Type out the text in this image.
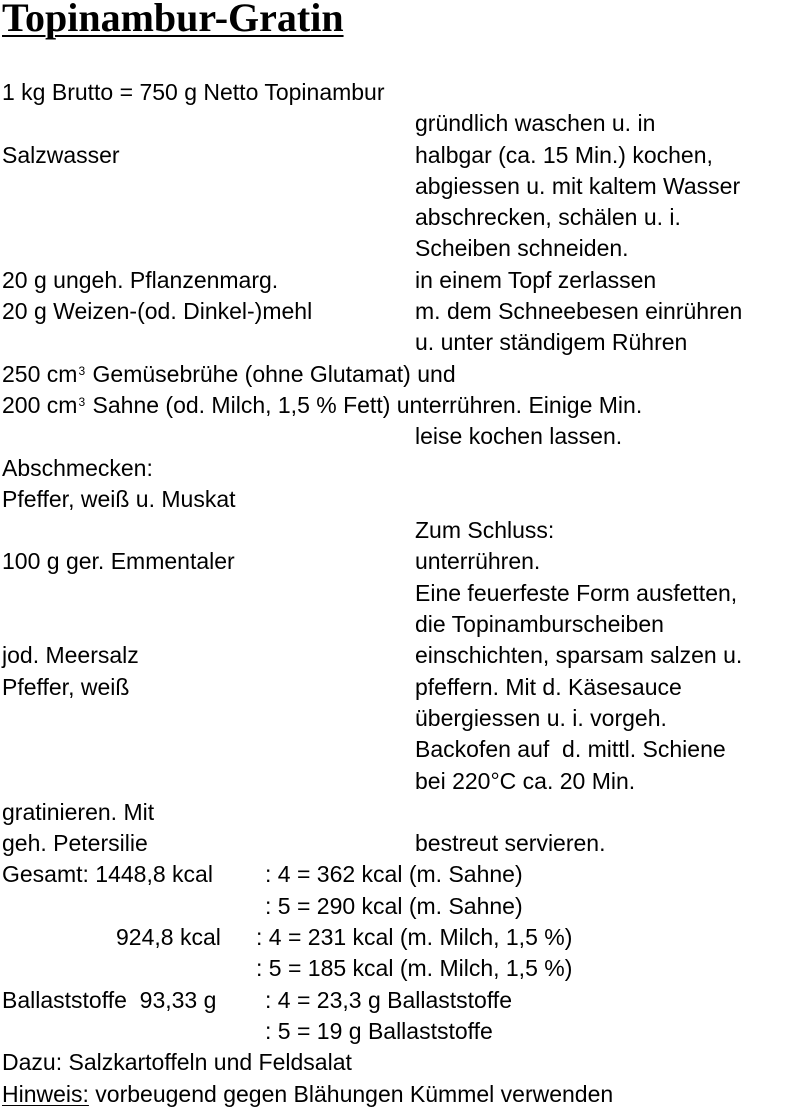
Topinambur-Gratin
1 kg Brutto = 750 g Netto Topinambur
gründlich waschen u. in
Salzwasser	halbgar (ca. 15 Min.) kochen,
abgiessen u. mit kaltem Wasser
abschrecken, schälen u. i.
Scheiben schneiden.
20 g ungeh. Pflanzenmarg.	in einem Topf zerlassen
20 g Weizen-(od. Dinkel-)mehl	m. dem Schneebesen einrühren
u. unter ständigem Rühren
250 $cm^3$ Gemüsebrühe (ohne Glutamat) und
200 $cm^3$ Sahne (od. Milch, 1,5 % Fett) unterrühren. Einige Min.
leise kochen lassen.
Abschmecken:
Pfeffer, weiß u. Muskat
Zum Schluss:
100 g ger. Emmentaler	unterrühren.
Eine feuerfeste Form ausfetten,
die Topinamburscheiben
jod. Meersalz	einschichten, sparsam salzen u.
Pfeffer, weiß	pfeffern. Mit d. Käsesauce
übergiessen u. i. vorgeh.
Backofen auf  d. mittl. Schiene
bei 220°C ca. 20 Min.
gratinieren. Mit
geh. Petersilie	bestreut servieren.
Gesamt: 1448,8 kcal : 4 = 362 kcal (m. Sahne)
: 5 = 290 kcal (m. Sahne)
924,8 kcal : 4 = 231 kcal (m. Milch, 1,5 %)
: 5 = 185 kcal (m. Milch, 1,5 %)
Ballaststoffe  93,33 g : 4 = 23,3 g Ballaststoffe
: 5 = 19 g Ballaststoffe
Dazu: Salzkartoffeln und Feldsalat
Hinweis: vorbeugend gegen Blähungen Kümmel verwenden
